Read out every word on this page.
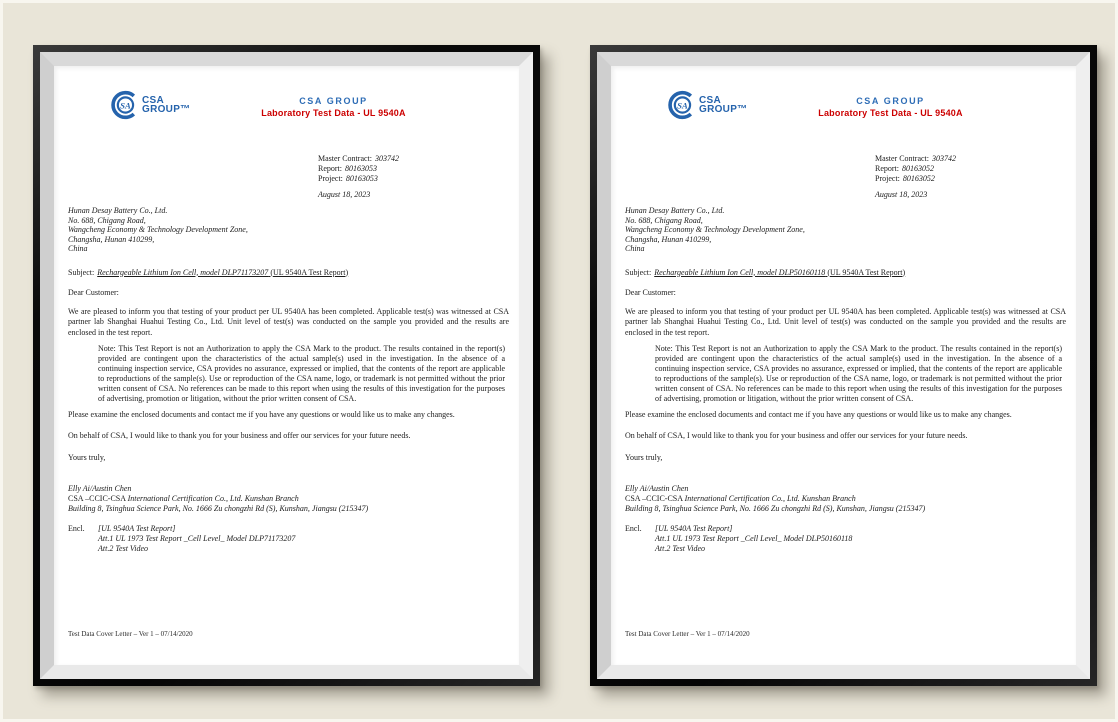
SA CSA
GROUP™
CSA GROUP
Laboratory Test Data - UL 9540A
Master Contract: 303742
Report: 80163053
Project: 80163053
August 18, 2023
Hunan Desay Battery Co., Ltd.
No. 688, Chigang Road,
Wangcheng Economy & Technology Development Zone,
Changsha, Hunan 410299,
China
Subject: Rechargeable Lithium Ion Cell, model DLP71173207 (UL 9540A Test Report)
Dear Customer:
We are pleased to inform you that testing of your product per UL 9540A has been completed. Applicable test(s) was witnessed at CSA partner lab Shanghai Huahui Testing Co., Ltd. Unit level of test(s) was conducted on the sample you provided and the results are enclosed in the test report.
Note: This Test Report is not an Authorization to apply the CSA Mark to the product. The results contained in the report(s) provided are contingent upon the characteristics of the actual sample(s) used in the investigation. In the absence of a continuing inspection service, CSA provides no assurance, expressed or implied, that the contents of the report are applicable to reproductions of the sample(s). Use or reproduction of the CSA name, logo, or trademark is not permitted without the prior written consent of CSA. No references can be made to this report when using the results of this investigation for the purposes of advertising, promotion or litigation, without the prior written consent of CSA.
Please examine the enclosed documents and contact me if you have any questions or would like us to make any changes.
On behalf of CSA, I would like to thank you for your business and offer our services for your future needs.
Yours truly,
Elly Ai/Austin Chen
CSA –CCIC-CSA International Certification Co., Ltd. Kunshan Branch
Building 8, Tsinghua Science Park, No. 1666 Zu chongzhi Rd (S), Kunshan, Jiangsu (215347)
Encl.	[UL 9540A Test Report]
Att.1 UL 1973 Test Report _Cell Level_ Model DLP71173207
Att.2 Test Video
Test Data Cover Letter – Ver 1 – 07/14/2020
SA CSA
GROUP™
CSA GROUP
Laboratory Test Data - UL 9540A
Master Contract: 303742
Report: 80163052
Project: 80163052
August 18, 2023
Hunan Desay Battery Co., Ltd.
No. 688, Chigang Road,
Wangcheng Economy & Technology Development Zone,
Changsha, Hunan 410299,
China
Subject: Rechargeable Lithium Ion Cell, model DLP50160118 (UL 9540A Test Report)
Dear Customer:
We are pleased to inform you that testing of your product per UL 9540A has been completed. Applicable test(s) was witnessed at CSA partner lab Shanghai Huahui Testing Co., Ltd. Unit level of test(s) was conducted on the sample you provided and the results are enclosed in the test report.
Note: This Test Report is not an Authorization to apply the CSA Mark to the product. The results contained in the report(s) provided are contingent upon the characteristics of the actual sample(s) used in the investigation. In the absence of a continuing inspection service, CSA provides no assurance, expressed or implied, that the contents of the report are applicable to reproductions of the sample(s). Use or reproduction of the CSA name, logo, or trademark is not permitted without the prior written consent of CSA. No references can be made to this report when using the results of this investigation for the purposes of advertising, promotion or litigation, without the prior written consent of CSA.
Please examine the enclosed documents and contact me if you have any questions or would like us to make any changes.
On behalf of CSA, I would like to thank you for your business and offer our services for your future needs.
Yours truly,
Elly Ai/Austin Chen
CSA –CCIC-CSA International Certification Co., Ltd. Kunshan Branch
Building 8, Tsinghua Science Park, No. 1666 Zu chongzhi Rd (S), Kunshan, Jiangsu (215347)
Encl.	[UL 9540A Test Report]
Att.1 UL 1973 Test Report _Cell Level_ Model DLP50160118
Att.2 Test Video
Test Data Cover Letter – Ver 1 – 07/14/2020
